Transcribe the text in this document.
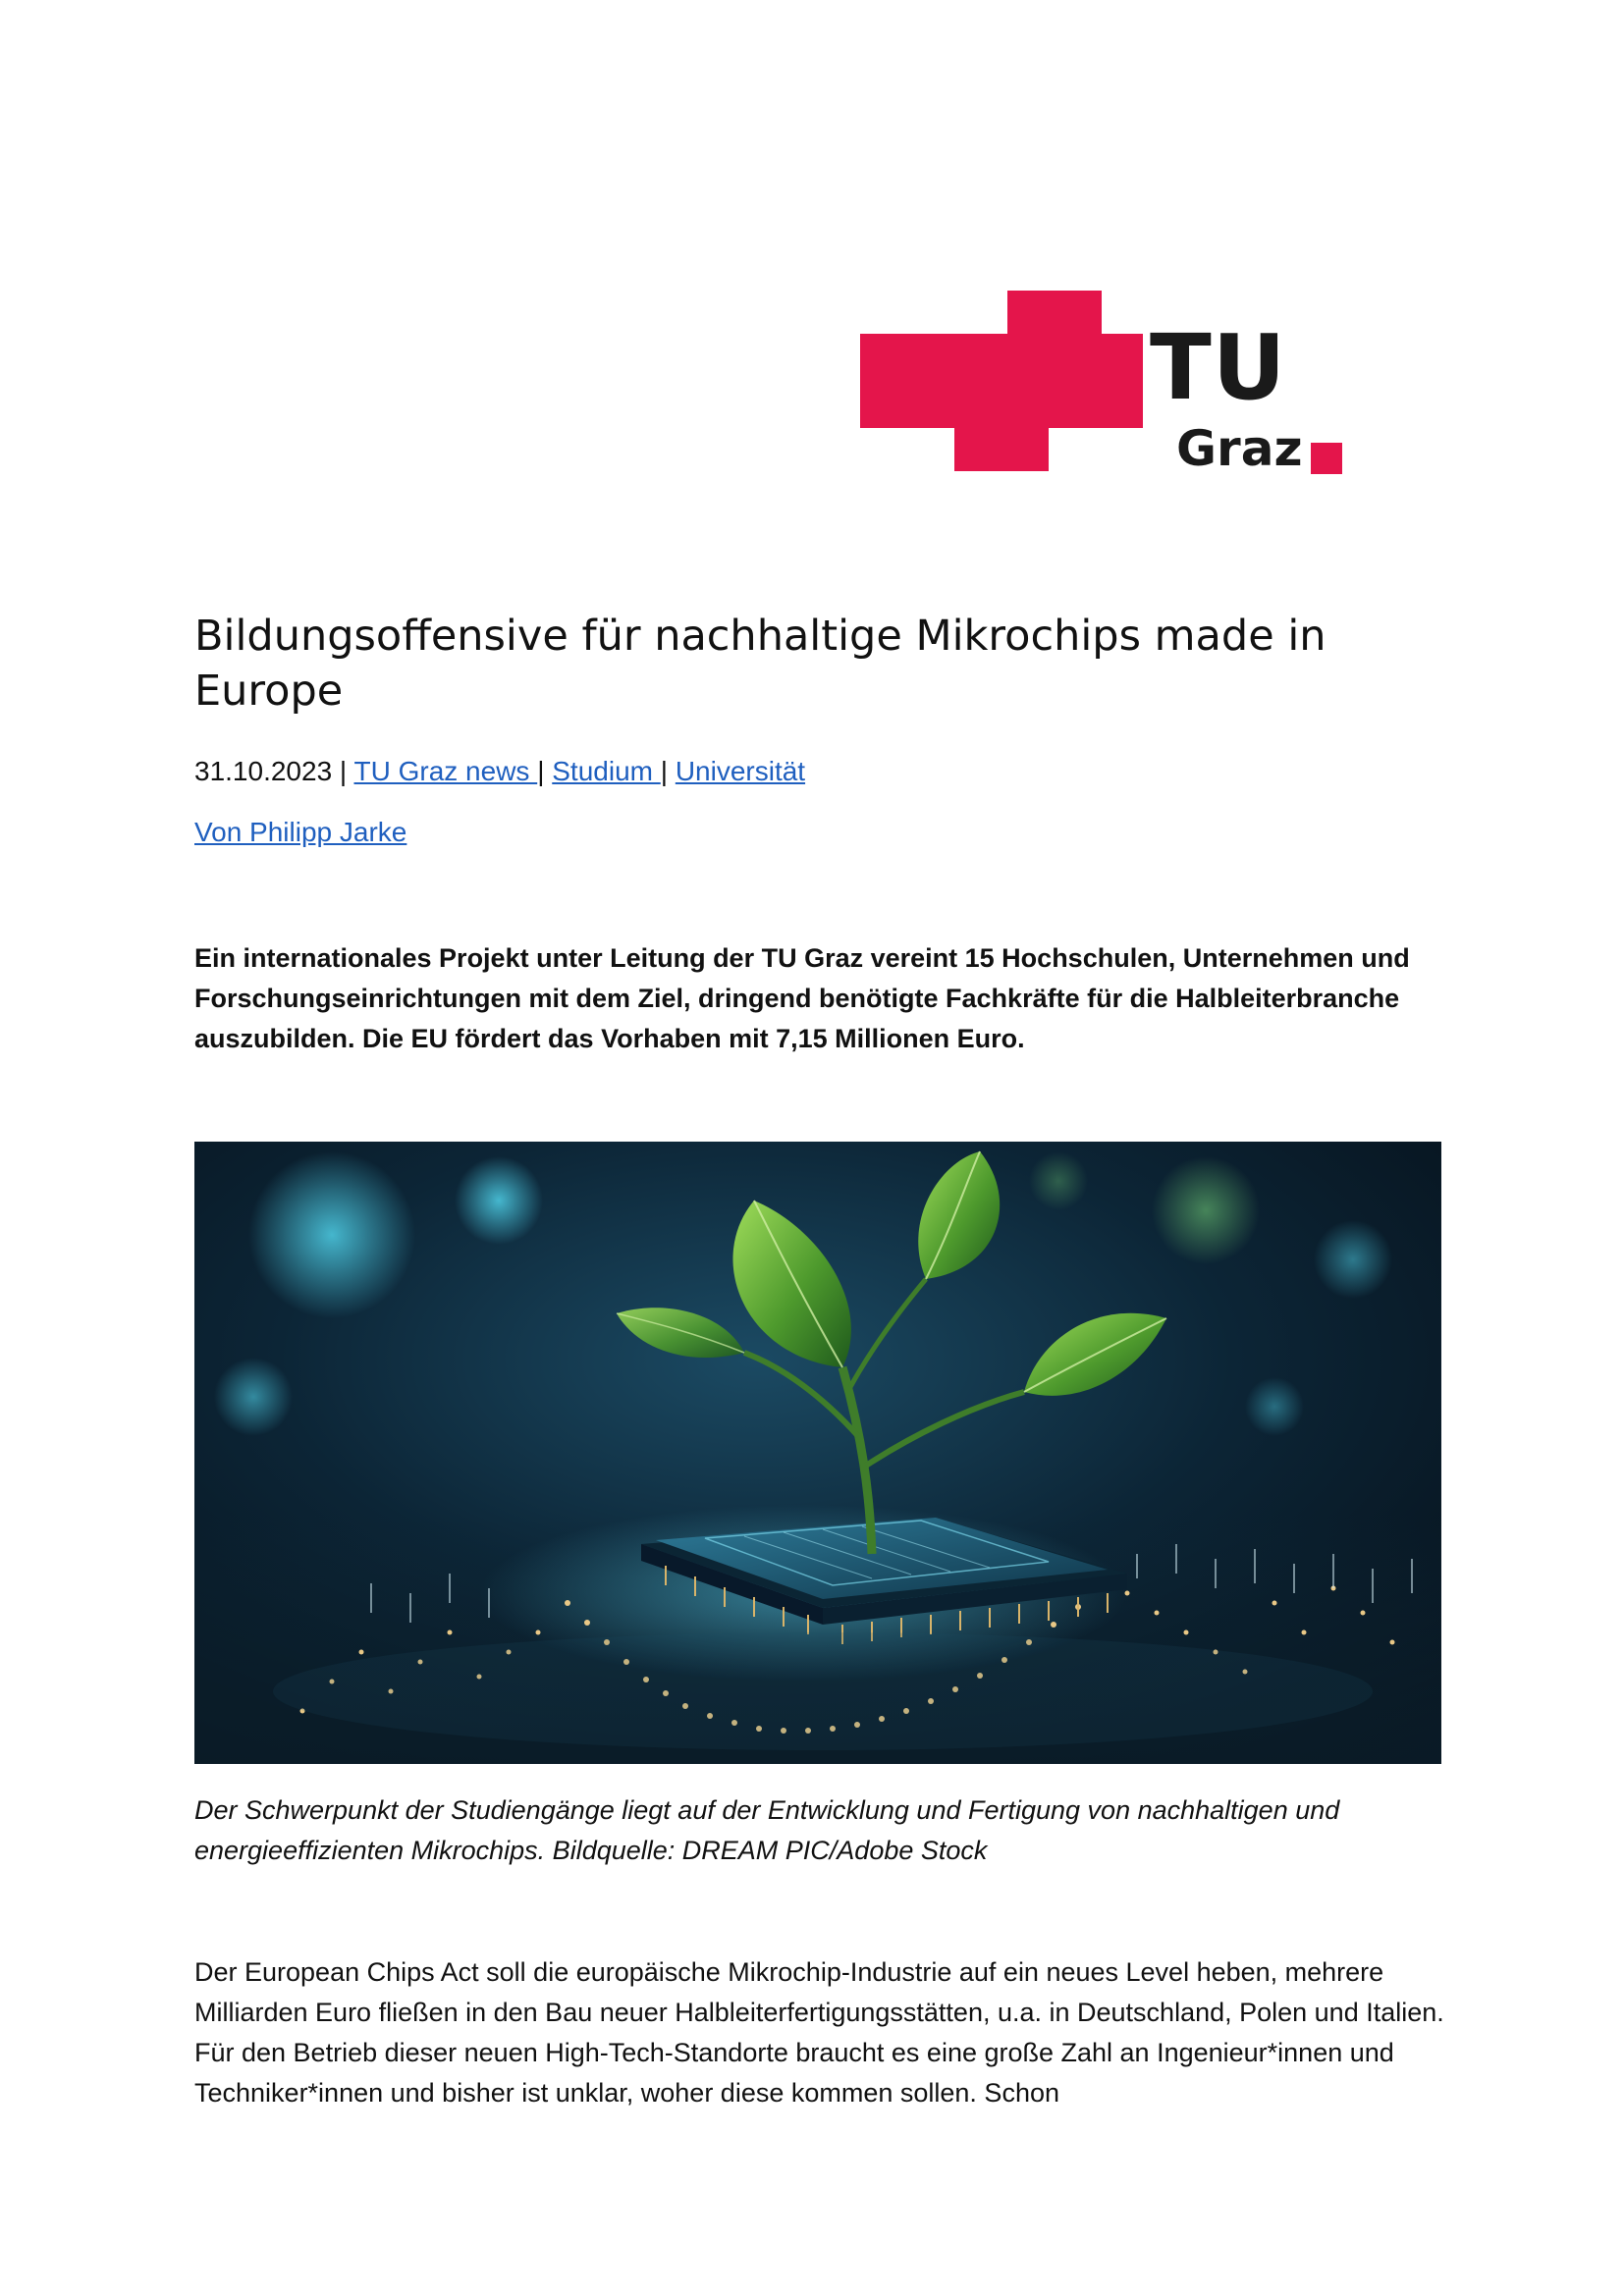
TU
Graz
Bildungsoffensive für nachhaltige Mikrochips made in Europe
31.10.2023 | TU Graz news | Studium | Universität
Von Philipp Jarke

Ein internationales Projekt unter Leitung der TU Graz vereint 15 Hochschulen, Unternehmen und Forschungseinrichtungen mit dem Ziel, dringend benötigte Fachkräfte für die Halbleiterbranche auszubilden. Die EU fördert das Vorhaben mit 7,15 Millionen Euro.

Der Schwerpunkt der Studiengänge liegt auf der Entwicklung und Fertigung von nachhaltigen und energieeffizienten Mikrochips. Bildquelle: DREAM PIC/Adobe Stock

Der European Chips Act soll die europäische Mikrochip-Industrie auf ein neues Level heben, mehrere Milliarden Euro fließen in den Bau neuer Halbleiterfertigungsstätten, u.a. in Deutschland, Polen und Italien. Für den Betrieb dieser neuen High-Tech-Standorte braucht es eine große Zahl an Ingenieur*innen und Techniker*innen und bisher ist unklar, woher diese kommen sollen. Schon
